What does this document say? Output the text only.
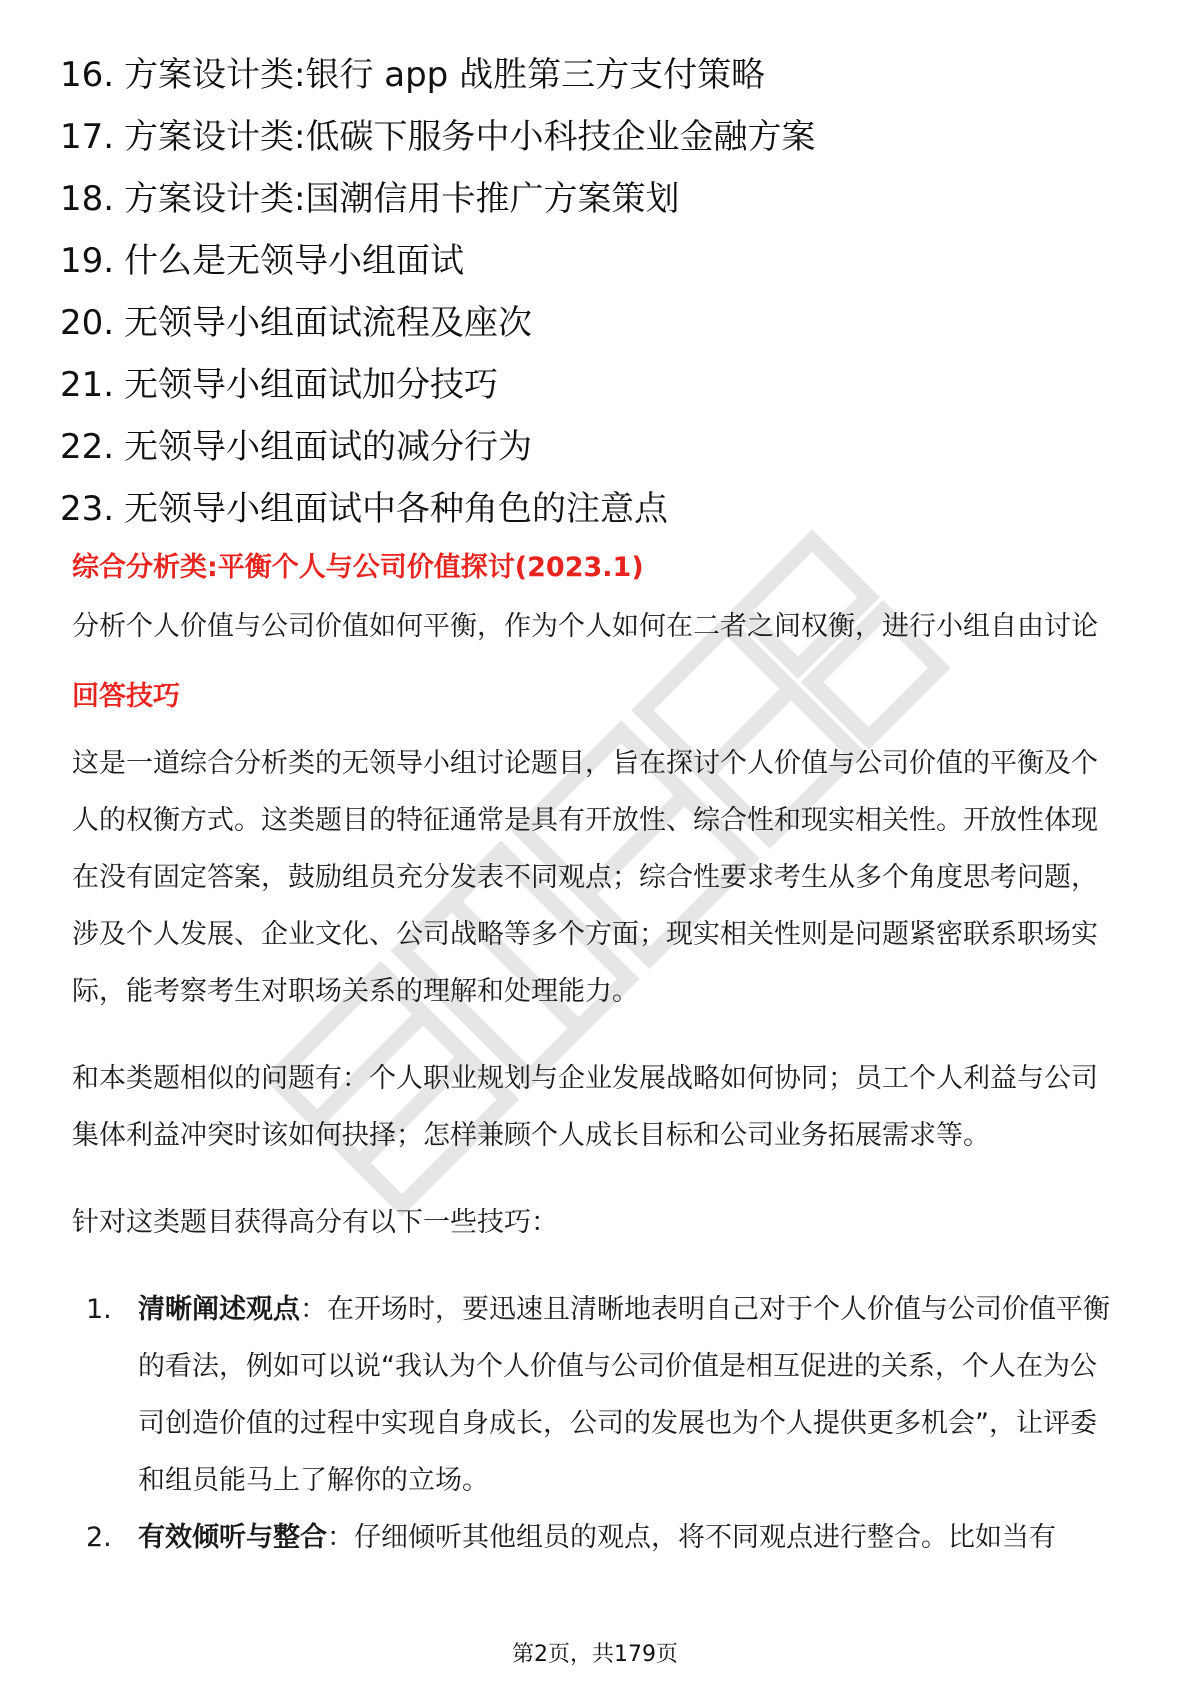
16. 方案设计类:银行 app 战胜第三方支付策略
17. 方案设计类:低碳下服务中小科技企业金融方案
18. 方案设计类:国潮信用卡推广方案策划
19. 什么是无领导小组面试
20. 无领导小组面试流程及座次
21. 无领导小组面试加分技巧
22. 无领导小组面试的减分行为
23. 无领导小组面试中各种角色的注意点
综合分析类:平衡个人与公司价值探讨(2023.1)

分析个人价值与公司价值如何平衡，作为个人如何在二者之间权衡，进行小组自由讨论

回答技巧

这是一道综合分析类的无领导小组讨论题目，旨在探讨个人价值与公司价值的平衡及个人的权衡方式。这类题目的特征通常是具有开放性、综合性和现实相关性。开放性体现在没有固定答案，鼓励组员充分发表不同观点；综合性要求考生从多个角度思考问题，涉及个人发展、企业文化、公司战略等多个方面；现实相关性则是问题紧密联系职场实际，能考察考生对职场关系的理解和处理能力。

和本类题相似的问题有：个人职业规划与企业发展战略如何协同；员工个人利益与公司集体利益冲突时该如何抉择；怎样兼顾个人成长目标和公司业务拓展需求等。

针对这类题目获得高分有以下一些技巧：

1. 清晰阐述观点：在开场时，要迅速且清晰地表明自己对于个人价值与公司价值平衡的看法，例如可以说“我认为个人价值与公司价值是相互促进的关系，个人在为公司创造价值的过程中实现自身成长，公司的发展也为个人提供更多机会”，让评委和组员能马上了解你的立场。
2. 有效倾听与整合：仔细倾听其他组员的观点，将不同观点进行整合。比如当有
第2页，共179页
